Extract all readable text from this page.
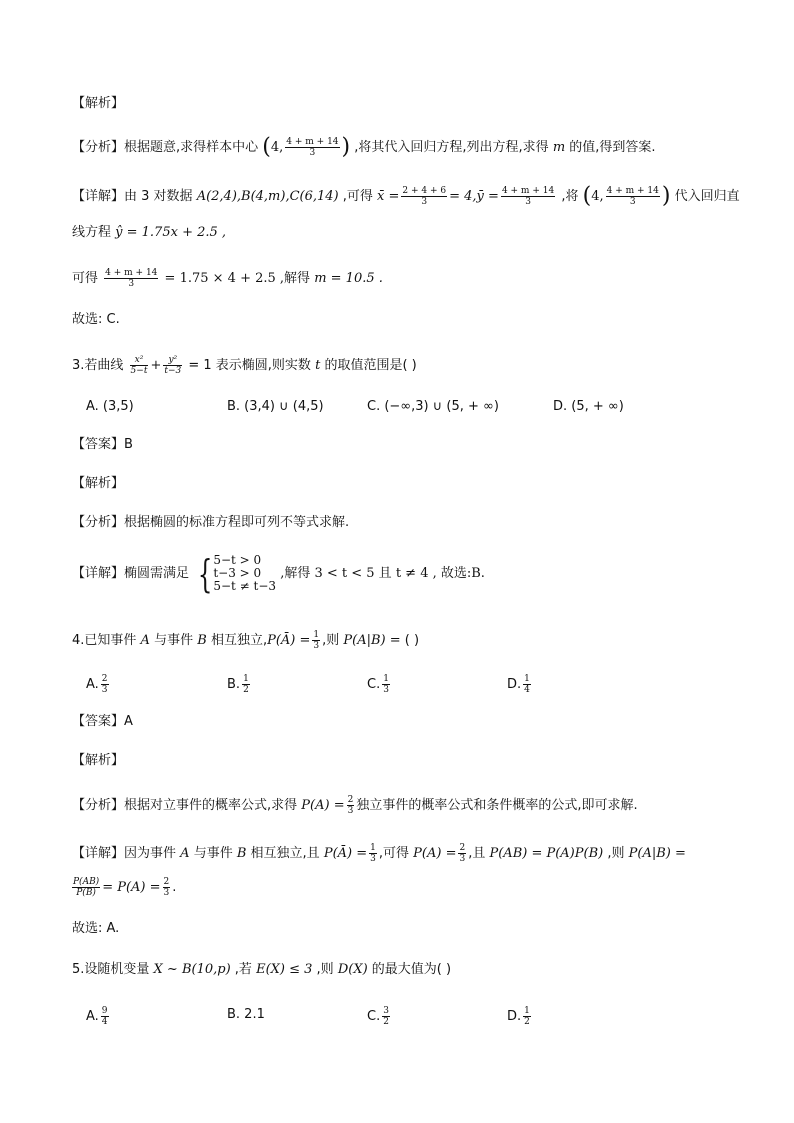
【解析】
【分析】根据题意,求得样本中心 (4, $\frac{4 + m + 14}{3}$ ) ,将其代入回归方程,列出方程,求得 m 的值,得到答案.
【详解】由 3 对数据 A(2,4),B(4,m),C(6,14) ,可得 x̄ = $\frac{2 + 4 + 6}{3}$ = 4,ȳ = $\frac{4 + m + 14}{3}$ ,将 (4, $\frac{4 + m + 14}{3}$ ) 代入回归直
线方程 ŷ = 1.75x + 2.5 ,
可得 $\frac{4 + m + 14}{3} = 1.75 \times 4 + 2.5$ ,解得 m = 10.5 .
故选: C.
3.若曲线 $\frac{\text{x²}}{5-t} + \frac{\text{y²}}{t-3} = 1$ 表示椭圆,则实数 t 的取值范围是( )
A. (3,5)	B. (3,4) ∪ (4,5)	C. (−∞,3) ∪ (5, + ∞)	D. (5, + ∞)
【答案】B
【解析】
【分析】根据椭圆的标准方程即可列不等式求解.
【详解】椭圆需满足 { 5−t > 0
t−3 > 0
5−t ≠ t−3
,解得 3 < t < 5 且 t ≠ 4 , 故选:B.
4.已知事件 A 与事件 B 相互独立,P(Ā) = $\frac{1}{3}$ ,则 P(A|B) = ( )
A. $\frac{2}{3}$	B. $\frac{1}{2}$	C. $\frac{1}{3}$	D. $\frac{1}{4}$
【答案】A
【解析】
【分析】根据对立事件的概率公式,求得 $P(A) = \frac{2}{3}$ 独立事件的概率公式和条件概率的公式,即可求解.
【详解】因为事件 A 与事件 B 相互独立,且 P(Ā) = $\frac{1}{3}$ ,可得 $P(A) = \frac{2}{3}$ ,且 P(AB) = P(A)P(B) ,则 P(A|B) =
$\frac{P(AB)}{P(B)} = P(A) = \frac{2}{3}$ .
故选: A.
5.设随机变量 X ~ B(10,p) ,若 E(X) ≤ 3 ,则 D(X) 的最大值为( )
A. $\frac{9}{4}$	B. 2.1	C. $\frac{3}{2}$	D. $\frac{1}{2}$
